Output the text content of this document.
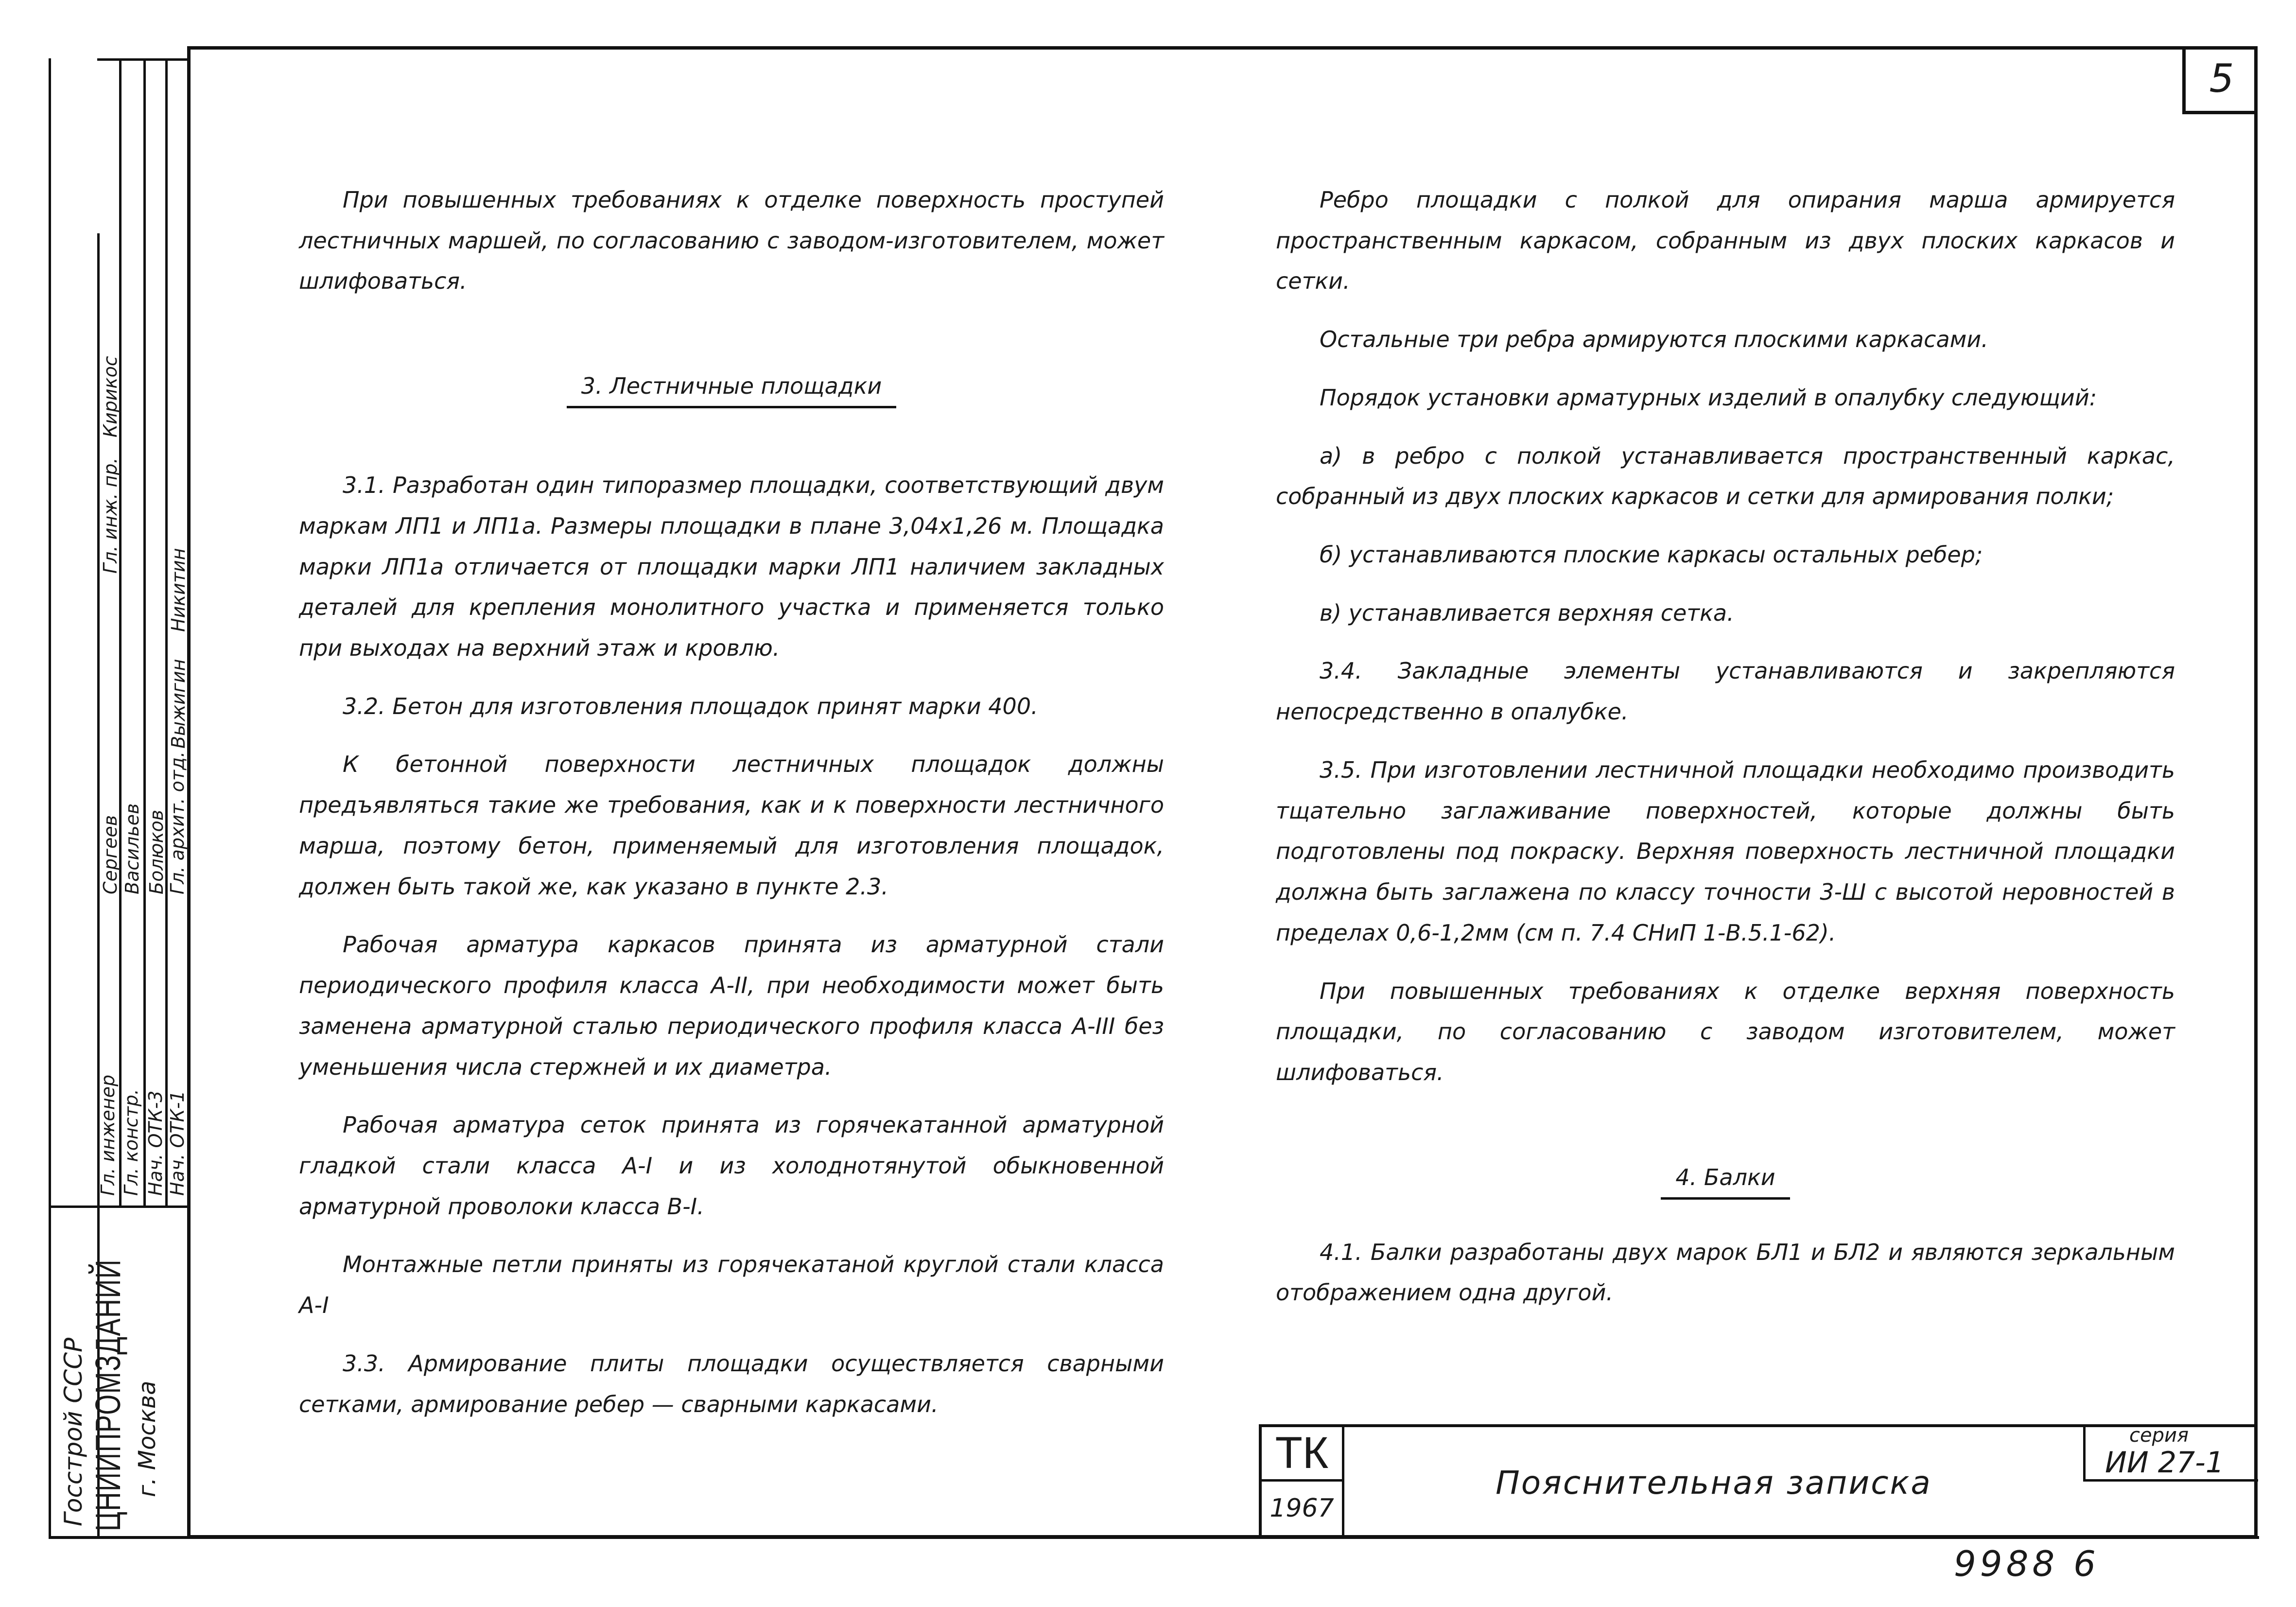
5
Гл. инж. пр.
Кирикос
Гл. инженер Гл. констр. Нач. ОТК-3 Нач. ОТК-1
Гл. архит. отд.
Сергеев Васильев Болюков
Выжигин
Никитин
Госстрой СССР ЦНИИПРОМЗДАНИЙ г. Москва

При повышенных требованиях к отделке поверхность проступей лестничных маршей, по согласованию с заводом-изготовителем, может шлифоваться.

3. Лестничные площадки

3.1. Разработан один типоразмер площадки, соответствующий двум маркам ЛП1 и ЛП1а. Размеры площадки в плане 3,04х1,26 м. Площадка марки ЛП1а отличается от площадки марки ЛП1 наличием закладных деталей для крепления монолитного участка и применяется только при выходах на верхний этаж и кровлю.

3.2. Бетон для изготовления площадок принят марки 400.

К бетонной поверхности лестничных площадок должны предъявляться такие же требования, как и к поверхности лестничного марша, поэтому бетон, применяемый для изготовления площадок, должен быть такой же, как указано в пункте 2.3.

Рабочая арматура каркасов принята из арматурной стали периодического профиля класса А-II, при необходимости может быть заменена арматурной сталью периодического профиля класса А-III без уменьшения числа стержней и их диаметра.

Рабочая арматура сеток принята из горячекатанной арматурной гладкой стали класса А-I и из холоднотянутой обыкновенной арматурной проволоки класса В-I.

Монтажные петли приняты из горячекатаной круглой стали класса А-I

3.3. Армирование плиты площадки осуществляется сварными сетками, армирование ребер — сварными каркасами.

Ребро площадки с полкой для опирания марша армируется пространственным каркасом, собранным из двух плоских каркасов и сетки.

Остальные три ребра армируются плоскими каркасами.

Порядок установки арматурных изделий в опалубку следующий:

а) в ребро с полкой устанавливается пространственный каркас, собранный из двух плоских каркасов и сетки для армирования полки;

б) устанавливаются плоские каркасы остальных ребер;

в) устанавливается верхняя сетка.

3.4. Закладные элементы устанавливаются и закрепляются непосредственно в опалубке.

3.5. При изготовлении лестничной площадки необходимо производить тщательно заглаживание поверхностей, которые должны быть подготовлены под покраску. Верхняя поверхность лестничной площадки должна быть заглажена по классу точности 3-Ш с высотой неровностей в пределах 0,6-1,2мм (см п. 7.4 СНиП 1-В.5.1-62).

При повышенных требованиях к отделке верхняя поверхность площадки, по согласованию с заводом изготовителем, может шлифоваться.

4. Балки

4.1. Балки разработаны двух марок БЛ1 и БЛ2 и являются зеркальным отображением одна другой.

ТК
1967
Пояснительная записка
серия
ИИ 27-1
9988 6
